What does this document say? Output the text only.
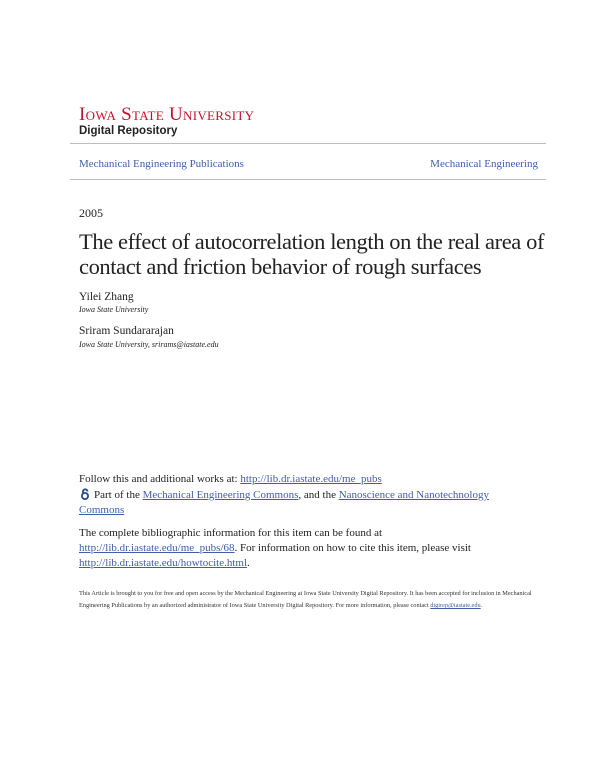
Iowa State University
Digital Repository
Mechanical Engineering Publications	Mechanical Engineering
2005
The effect of autocorrelation length on the real area of contact and friction behavior of rough surfaces
Yilei Zhang
Iowa State University
Sriram Sundararajan
Iowa State University, srirams@iastate.edu
Follow this and additional works at: http://lib.dr.iastate.edu/me_pubs
Part of the Mechanical Engineering Commons, and the Nanoscience and Nanotechnology Commons
The complete bibliographic information for this item can be found at http://lib.dr.iastate.edu/me_pubs/68. For information on how to cite this item, please visit http://lib.dr.iastate.edu/howtocite.html.
This Article is brought to you for free and open access by the Mechanical Engineering at Iowa State University Digital Repository. It has been accepted for inclusion in Mechanical Engineering Publications by an authorized administrator of Iowa State University Digital Repository. For more information, please contact digirep@iastate.edu.
